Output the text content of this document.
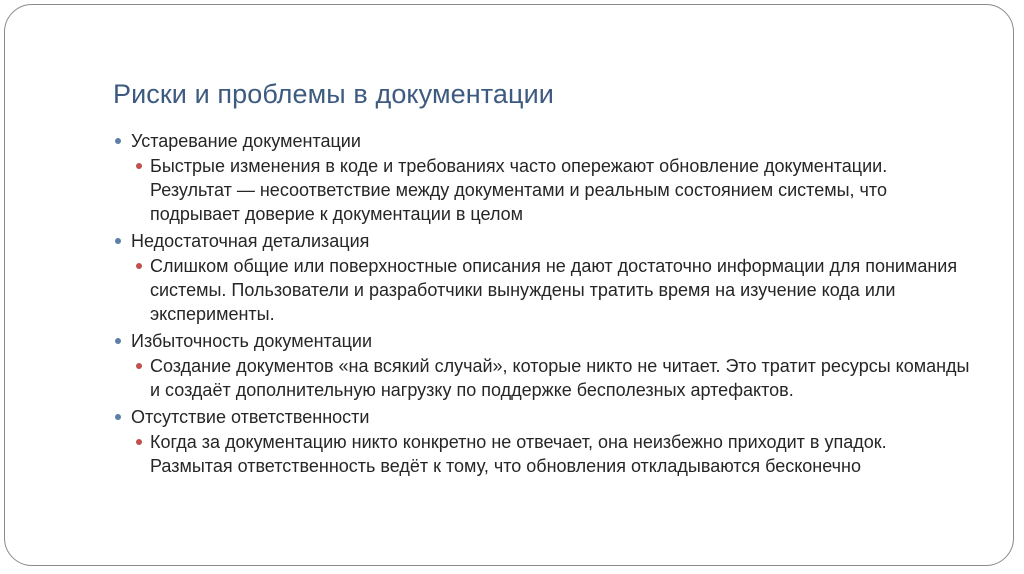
Риски и проблемы в документации
Устаревание документации
Быстрые изменения в коде и требованиях часто опережают обновление документации. Результат — несоответствие между документами и реальным состоянием системы, что подрывает доверие к документации в целом
Недостаточная детализация
Слишком общие или поверхностные описания не дают достаточно информации для понимания системы. Пользователи и разработчики вынуждены тратить время на изучение кода или эксперименты.
Избыточность документации
Создание документов «на всякий случай», которые никто не читает. Это тратит ресурсы команды и создаёт дополнительную нагрузку по поддержке бесполезных артефактов.
Отсутствие ответственности
Когда за документацию никто конкретно не отвечает, она неизбежно приходит в упадок. Размытая ответственность ведёт к тому, что обновления откладываются бесконечно
